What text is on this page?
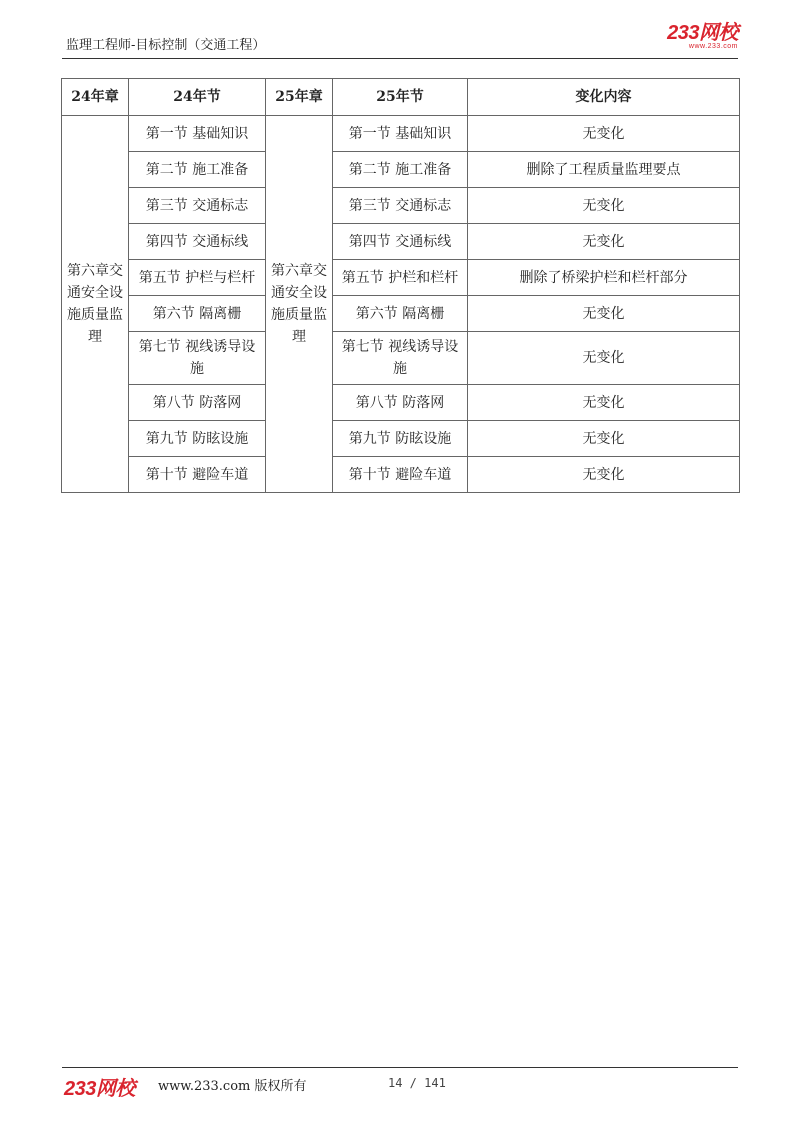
监理工程师-目标控制（交通工程）
233网校
www.233.com
24年章	24年节	25年章	25年节	变化内容
第六章交通安全设施质量监理	第一节 基础知识	第六章交通安全设施质量监理	第一节 基础知识	无变化
	第二节 施工准备		第二节 施工准备	删除了工程质量监理要点
	第三节 交通标志		第三节 交通标志	无变化
	第四节 交通标线		第四节 交通标线	无变化
	第五节 护栏与栏杆		第五节 护栏和栏杆	删除了桥梁护栏和栏杆部分
	第六节 隔离栅		第六节 隔离栅	无变化
	第七节 视线诱导设施		第七节 视线诱导设施	无变化
	第八节 防落网		第八节 防落网	无变化
	第九节 防眩设施		第九节 防眩设施	无变化
	第十节 避险车道		第十节 避险车道	无变化
233网校 www.233.com 版权所有	14 / 141
